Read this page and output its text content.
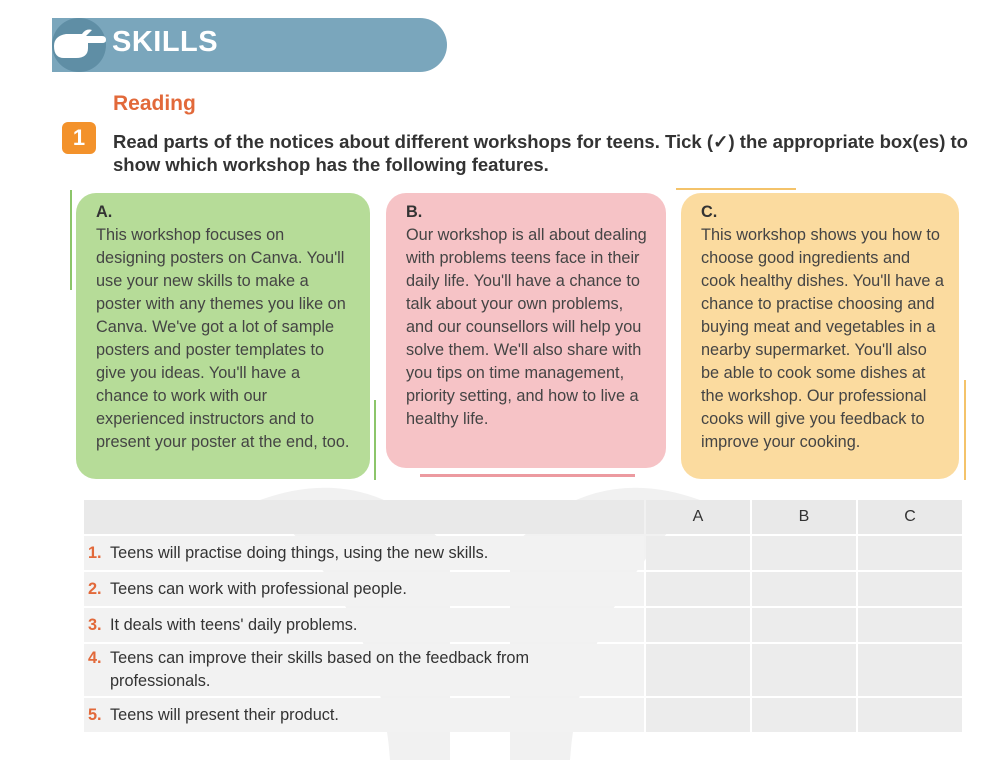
SKILLS
Reading
1	Read parts of the notices about different workshops for teens. Tick (✓) the appropriate box(es) to show which workshop has the following features.
A.
This workshop focuses on designing posters on Canva. You'll use your new skills to make a poster with any themes you like on Canva. We've got a lot of sample posters and poster templates to give you ideas. You'll have a chance to work with our experienced instructors and to present your poster at the end, too.
B.
Our workshop is all about dealing with problems teens face in their daily life. You'll have a chance to talk about your own problems, and our counsellors will help you solve them. We'll also share with you tips on time management, priority setting, and how to live a healthy life.
C.
This workshop shows you how to choose good ingredients and cook healthy dishes. You'll have a chance to practise choosing and buying meat and vegetables in a nearby supermarket. You'll also be able to cook some dishes at the workshop. Our professional cooks will give you feedback to improve your cooking.
	A	B	C

1. Teens will practise doing things, using the new skills.			

2. Teens can work with professional people.			

3. It deals with teens' daily problems.			

4. Teens can improve their skills based on the feedback from professionals.			

5. Teens will present their product.			
